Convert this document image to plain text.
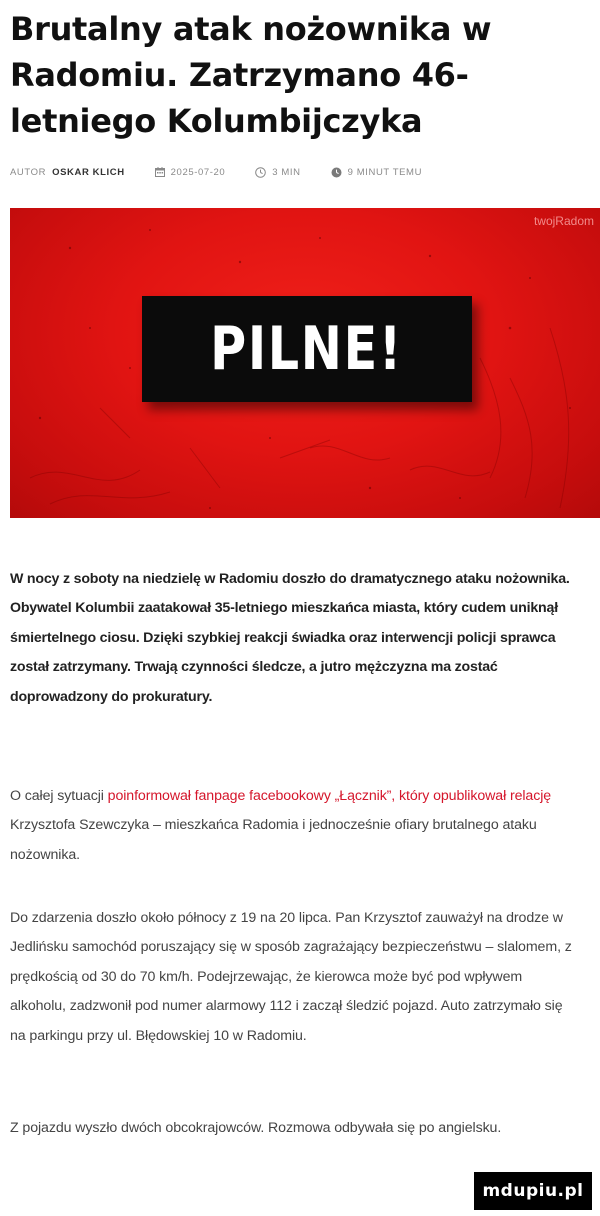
Brutalny atak nożownika w Radomiu. Zatrzymano 46-letniego Kolumbijczyka
AUTOR OSKAR KLICH	2025-07-20	3 MIN	9 MINUT TEMU
twojRadom
PILNE!

W nocy z soboty na niedzielę w Radomiu doszło do dramatycznego ataku nożownika. Obywatel Kolumbii zaatakował 35-letniego mieszkańca miasta, który cudem uniknął śmiertelnego ciosu. Dzięki szybkiej reakcji świadka oraz interwencji policji sprawca został zatrzymany. Trwają czynności śledcze, a jutro mężczyzna ma zostać doprowadzony do prokuratury.

O całej sytuacji poinformował fanpage facebookowy „Łącznik”, który opublikował relację Krzysztofa Szewczyka – mieszkańca Radomia i jednocześnie ofiary brutalnego ataku nożownika.

Do zdarzenia doszło około północy z 19 na 20 lipca. Pan Krzysztof zauważył na drodze w Jedlińsku samochód poruszający się w sposób zagrażający bezpieczeństwu – slalomem, z prędkością od 30 do 70 km/h. Podejrzewając, że kierowca może być pod wpływem alkoholu, zadzwonił pod numer alarmowy 112 i zaczął śledzić pojazd. Auto zatrzymało się na parkingu przy ul. Błędowskiej 10 w Radomiu.

Z pojazdu wyszło dwóch obcokrajowców. Rozmowa odbywała się po angielsku.

mdupiu.pl
